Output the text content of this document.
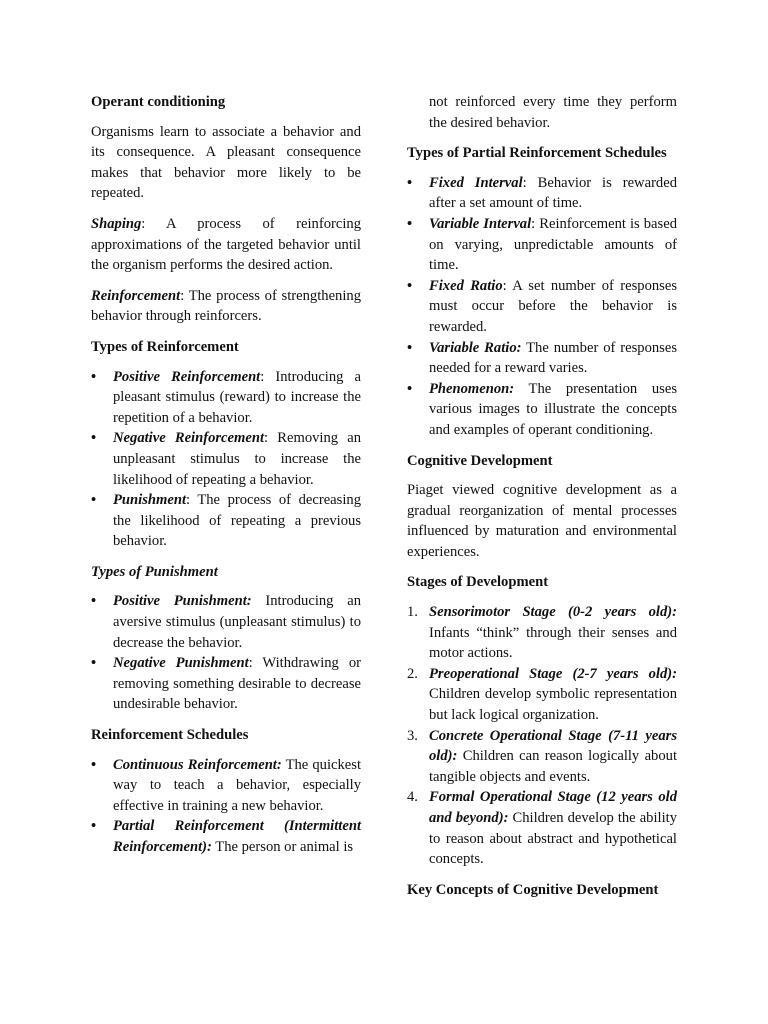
Operant conditioning

Organisms learn to associate a behavior and its consequence. A pleasant consequence makes that behavior more likely to be repeated.

Shaping: A process of reinforcing approximations of the targeted behavior until the organism performs the desired action.

Reinforcement: The process of strengthening behavior through reinforcers.

Types of Reinforcement
• Positive Reinforcement: Introducing a pleasant stimulus (reward) to increase the repetition of a behavior.
• Negative Reinforcement: Removing an unpleasant stimulus to increase the likelihood of repeating a behavior.
• Punishment: The process of decreasing the likelihood of repeating a previous behavior.
Types of Punishment
• Positive Punishment: Introducing an aversive stimulus (unpleasant stimulus) to decrease the behavior.
• Negative Punishment: Withdrawing or removing something desirable to decrease undesirable behavior.
Reinforcement Schedules
• Continuous Reinforcement: The quickest way to teach a behavior, especially effective in training a new behavior.
• Partial Reinforcement (Intermittent Reinforcement): The person or animal is

not reinforced every time they perform the desired behavior.

Types of Partial Reinforcement Schedules
• Fixed Interval: Behavior is rewarded after a set amount of time.
• Variable Interval: Reinforcement is based on varying, unpredictable amounts of time.
• Fixed Ratio: A set number of responses must occur before the behavior is rewarded.
• Variable Ratio: The number of responses needed for a reward varies.
• Phenomenon: The presentation uses various images to illustrate the concepts and examples of operant conditioning.
Cognitive Development

Piaget viewed cognitive development as a gradual reorganization of mental processes influenced by maturation and environmental experiences.

Stages of Development
1. Sensorimotor Stage (0-2 years old): Infants “think” through their senses and motor actions.
2. Preoperational Stage (2-7 years old): Children develop symbolic representation but lack logical organization.
3. Concrete Operational Stage (7-11 years old): Children can reason logically about tangible objects and events.
4. Formal Operational Stage (12 years old and beyond): Children develop the ability to reason about abstract and hypothetical concepts.
Key Concepts of Cognitive Development
